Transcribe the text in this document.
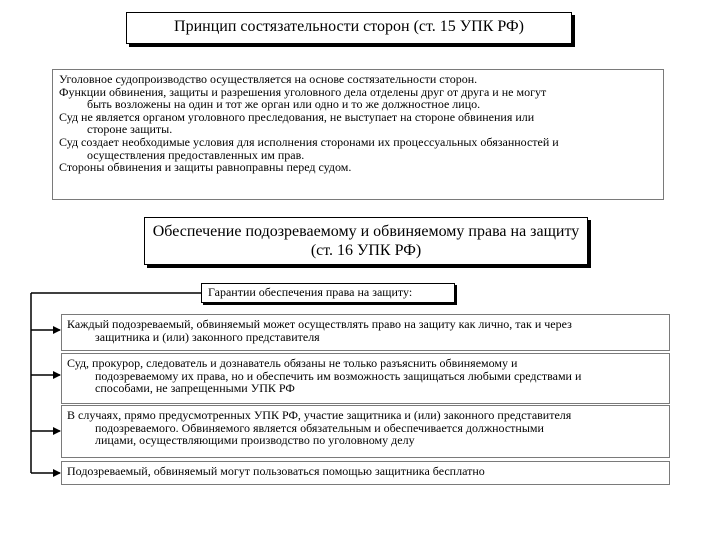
Принцип состязательности сторон (ст. 15 УПК РФ)

Уголовное судопроизводство осуществляется на основе состязательности сторон.

Функции обвинения, защиты и разрешения уголовного дела отделены друг от друга и не могут
быть возложены на один и тот же орган или одно и то же должностное лицо.

Суд не является органом уголовного преследования, не выступает на стороне обвинения или
стороне защиты.

Суд создает необходимые условия для исполнения сторонами их процессуальных обязанностей и
осуществления предоставленных им прав.

Стороны обвинения и защиты равноправны перед судом.

Обеспечение подозреваемому и обвиняемому права на защиту (ст. 16 УПК РФ)
Гарантии обеспечения права на защиту:
Каждый подозреваемый, обвиняемый может осуществлять право на защиту как лично, так и через
защитника и (или) законного представителя
Суд, прокурор, следователь и дознаватель обязаны не только разъяснить обвиняемому и
подозреваемому их права, но и обеспечить им возможность защищаться любыми средствами и
способами, не запрещенными УПК РФ
В случаях, прямо предусмотренных УПК РФ, участие защитника и (или) законного представителя
подозреваемого. Обвиняемого является обязательным и обеспечивается должностными
лицами, осуществляющими производство по уголовному делу
Подозреваемый, обвиняемый могут пользоваться помощью защитника бесплатно
